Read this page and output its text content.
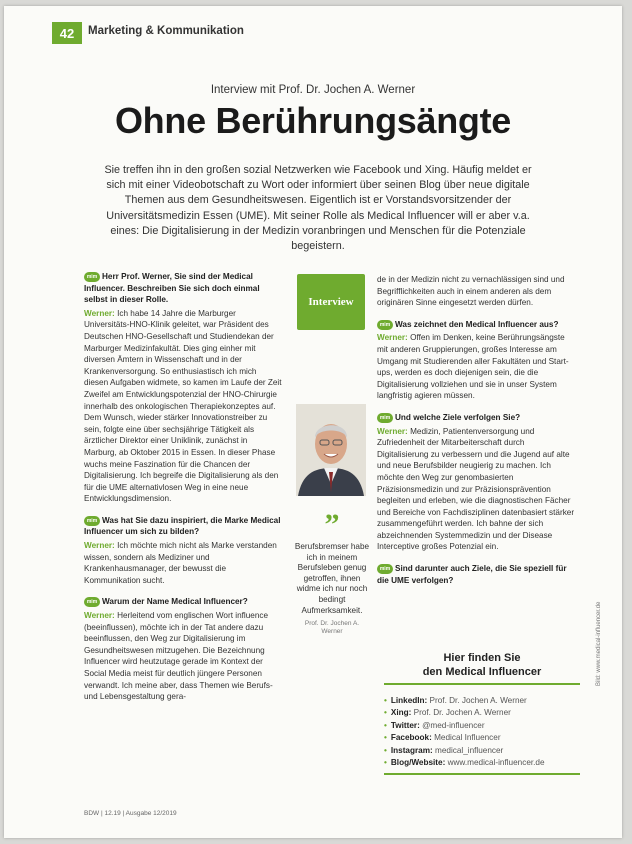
42	Marketing & Kommunikation
Interview mit Prof. Dr. Jochen A. Werner
Ohne Berührungsängte
Sie treffen ihn in den großen sozial Netzwerken wie Facebook und Xing. Häufig meldet er sich mit einer Videobotschaft zu Wort oder informiert über seinen Blog über neue digitale Themen aus dem Gesundheitswesen. Eigentlich ist er Vorstandsvorsitzender der Universitätsmedizin Essen (UME). Mit seiner Rolle als Medical Influencer will er aber v.a. eines: Die Digitalisierung in der Medizin voranbringen und Menschen für die Potenziale begeistern.

mim Herr Prof. Werner, Sie sind der Medical Influencer. Beschreiben Sie sich doch einmal selbst in dieser Rolle.

Werner: Ich habe 14 Jahre die Marburger Universitäts-HNO-Klinik geleitet, war Präsident des Deutschen HNO-Gesellschaft und Studiendekan der Marburger Medizinfakultät. Dies ging einher mit diversen Ämtern in Wissenschaft und in der Krankenversorgung. So enthusiastisch ich mich diesen Aufgaben widmete, so kamen im Laufe der Zeit Zweifel am Entwicklungspotenzial der HNO-Chirurgie innerhalb des onkologischen Therapiekonzeptes auf. Dem Wunsch, wieder stärker Innovationstreiber zu sein, folgte eine über sechsjährige Tätigkeit als ärztlicher Direktor einer Uniklinik, zunächst in Marburg, ab Oktober 2015 in Essen. In dieser Phase wuchs meine Faszination für die Chancen der Digitalisierung. Ich begreife die Digitalisierung als den für die UME alternativlosen Weg in eine neue Entwicklungsdimension.

mim Was hat Sie dazu inspiriert, die Marke Medical Influencer um sich zu bilden?

Werner: Ich möchte mich nicht als Marke verstanden wissen, sondern als Mediziner und Krankenhausmanager, der bewusst die Kommunikation sucht.

mim Warum der Name Medical Influencer?

Werner: Herleitend vom englischen Wort influence (beeinflussen), möchte ich in der Tat andere dazu beeinflussen, den Weg zur Digitalisierung im Gesundheitswesen mitzugehen. Die Bezeichnung Influencer wird heutzutage gerade im Kontext der Social Media meist für deutlich jüngere Personen verwandt. Ich meine aber, dass Themen wie Berufs- und Lebensgestaltung gera-

Interview
”
Berufsbremser habe ich in meinem Berufsleben genug getroffen, ihnen widme ich nur noch bedingt Aufmerksamkeit.
Prof. Dr. Jochen A. Werner

de in der Medizin nicht zu vernachlässigen sind und Begrifflichkeiten auch in einem anderen als dem originären Sinne eingesetzt werden dürfen.

mim Was zeichnet den Medical Influencer aus?

Werner: Offen im Denken, keine Berührungsängste mit anderen Gruppierungen, großes Interesse am Umgang mit Studierenden aller Fakultäten und Start-ups, werden es doch diejenigen sein, die die Digitalisierung vollziehen und sie in unser System langfristig agieren müssen.

mim Und welche Ziele verfolgen Sie?

Werner: Medizin, Patientenversorgung und Zufriedenheit der Mitarbeiterschaft durch Digitalisierung zu verbessern und die Jugend auf alte und neue Berufsbilder neugierig zu machen. Ich möchte den Weg zur genombasierten Präzisionsmedizin und zur Präzisionsprävention begleiten und erleben, wie die diagnostischen Fächer und Bereiche von Fachdisziplinen datenbasiert stärker zusammengeführt werden. Ich bahne der sich abzeichnenden Systemmedizin und der Disease Interceptive großes Potenzial ein.

mim Sind darunter auch Ziele, die Sie speziell für die UME verfolgen?

Hier finden Sie
den Medical Influencer
• LinkedIn: Prof. Dr. Jochen A. Werner
• Xing: Prof. Dr. Jochen A. Werner
• Twitter: @med-influencer
• Facebook: Medical Influencer
• Instagram: medical_influencer
• Blog/Website: www.medical-influencer.de
Bild: www.medical-influencer.de
BDW | 12.19 | Ausgabe 12/2019
